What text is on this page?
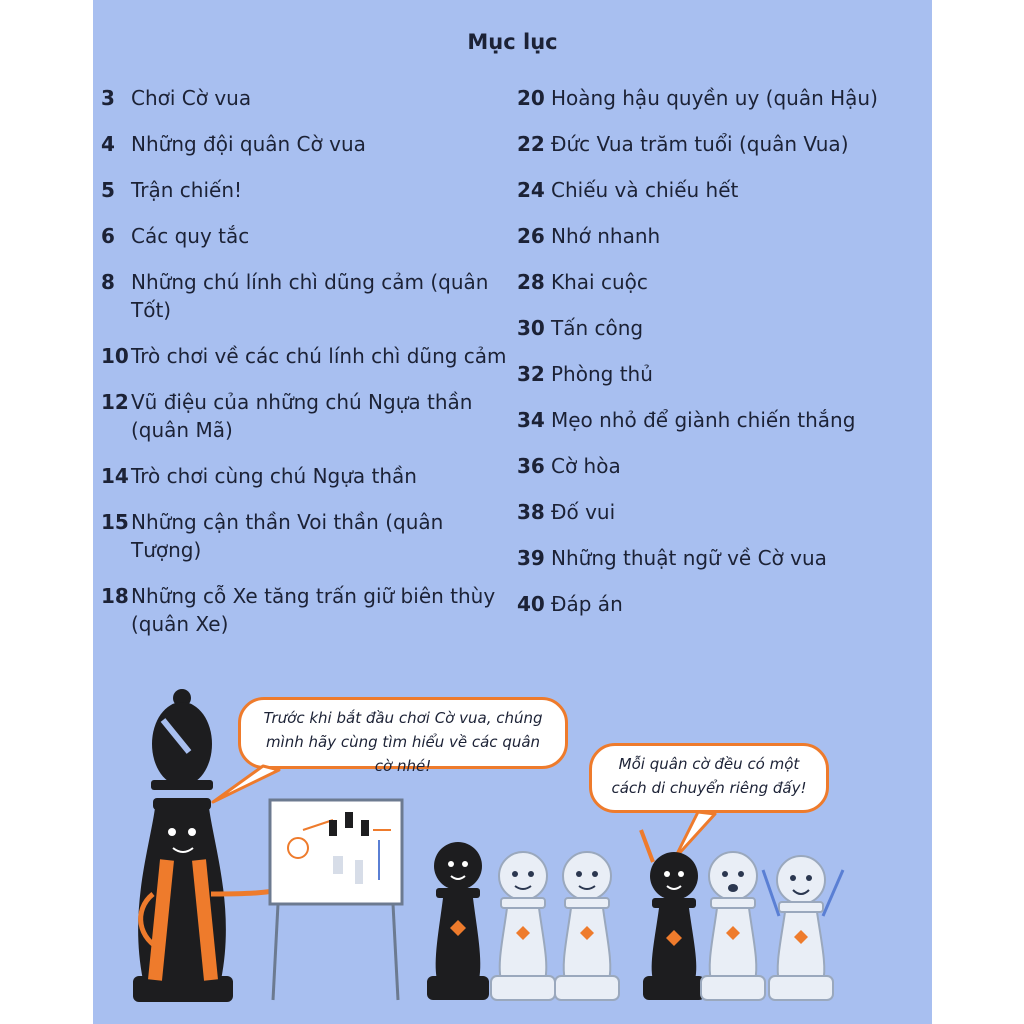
Mục lục
3 Chơi Cờ vua
4 Những đội quân Cờ vua
5 Trận chiến!
6 Các quy tắc
8 Những chú lính chì dũng cảm (quân Tốt)
10 Trò chơi về các chú lính chì dũng cảm
12 Vũ điệu của những chú Ngựa thần (quân Mã)
14 Trò chơi cùng chú Ngựa thần
15 Những cận thần Voi thần (quân Tượng)
18 Những cỗ Xe tăng trấn giữ biên thùy (quân Xe)
20 Hoàng hậu quyền uy (quân Hậu)
22 Đức Vua trăm tuổi (quân Vua)
24 Chiếu và chiếu hết
26 Nhớ nhanh
28 Khai cuộc
30 Tấn công
32 Phòng thủ
34 Mẹo nhỏ để giành chiến thắng
36 Cờ hòa
38 Đố vui
39 Những thuật ngữ về Cờ vua
40 Đáp án
Trước khi bắt đầu chơi Cờ vua, chúng mình hãy cùng tìm hiểu về các quân cờ nhé!	Mỗi quân cờ đều có một cách di chuyển riêng đấy!
